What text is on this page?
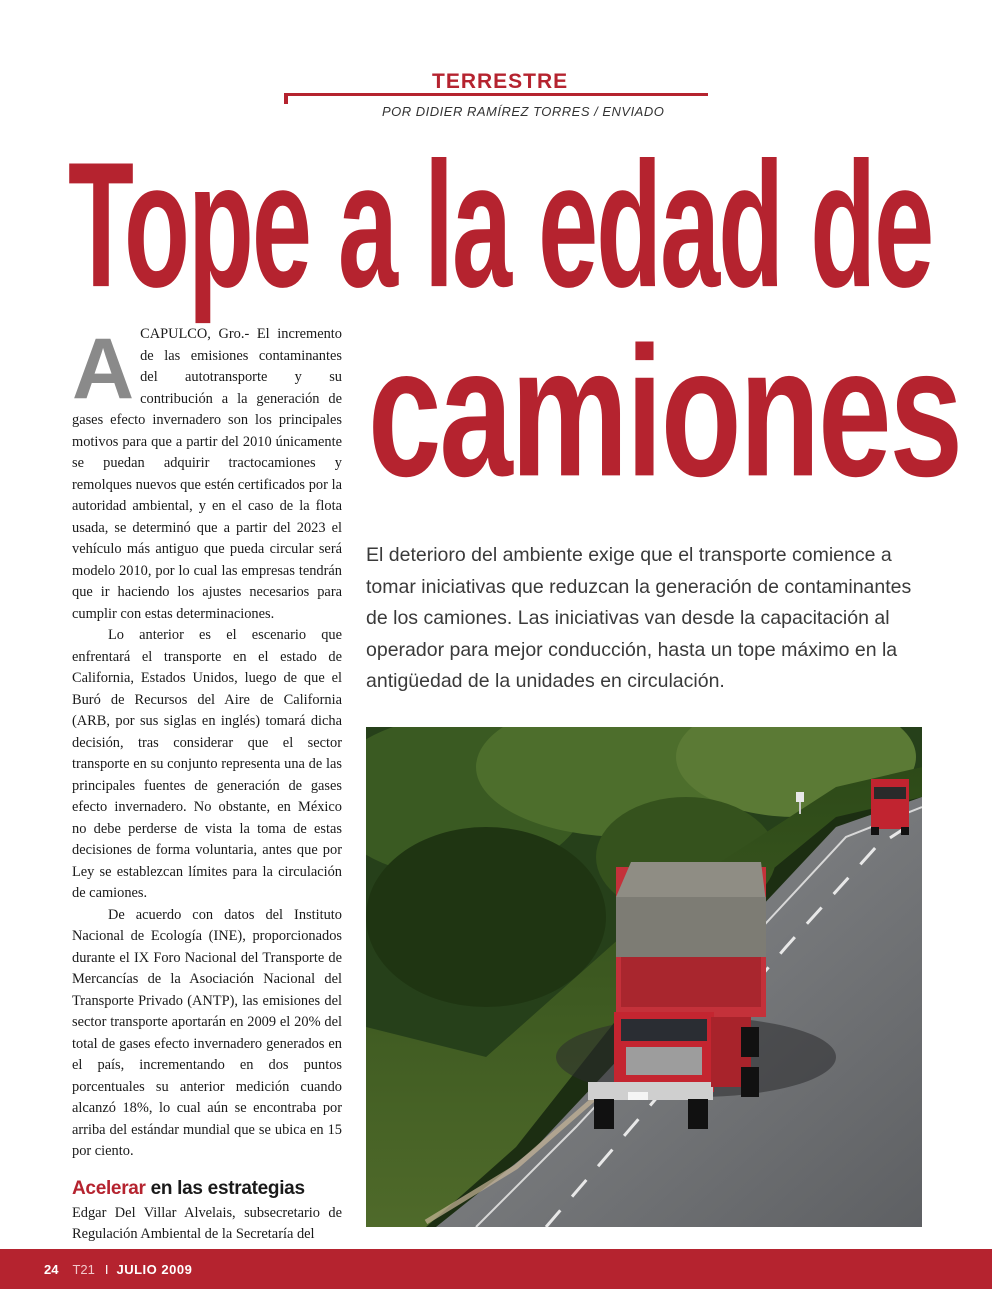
TERRESTRE
POR DIDIER RAMÍREZ TORRES / ENVIADO
Tope a la edad de
camiones

ACAPULCO, Gro.- El incremento de las emisiones contaminantes del autotransporte y su contribución a la generación de gases efecto invernadero son los principales motivos para que a partir del 2010 únicamente se puedan adquirir tractocamiones y remolques nuevos que estén certificados por la autoridad ambiental, y en el caso de la flota usada, se determinó que a partir del 2023 el vehículo más antiguo que pueda circular será modelo 2010, por lo cual las empresas tendrán que ir haciendo los ajustes necesarios para cumplir con estas determinaciones.

Lo anterior es el escenario que enfrentará el transporte en el estado de California, Estados Unidos, luego de que el Buró de Recursos del Aire de California (ARB, por sus siglas en inglés) tomará dicha decisión, tras considerar que el sector transporte en su conjunto representa una de las principales fuentes de generación de gases efecto invernadero. No obstante, en México no debe perderse de vista la toma de estas decisiones de forma voluntaria, antes que por Ley se establezcan límites para la circulación de camiones.

De acuerdo con datos del Instituto Nacional de Ecología (INE), proporcionados durante el IX Foro Nacional del Transporte de Mercancías de la Asociación Nacional del Transporte Privado (ANTP), las emisiones del sector transporte aportarán en 2009 el 20% del total de gases efecto invernadero generados en el país, incrementando en dos puntos porcentuales su anterior medición cuando alcanzó 18%, lo cual aún se encontraba por arriba del estándar mundial que se ubica en 15 por ciento.

Acelerar en las estrategias

Edgar Del Villar Alvelais, subsecretario de Regulación Ambiental de la Secretaría del

El deterioro del ambiente exige que el transporte comience a tomar iniciativas que reduzcan la generación de contaminantes de los camiones. Las iniciativas van desde la capacitación al operador para mejor conducción, hasta un tope máximo en la antigüedad de la unidades en circulación.
24 T21 I JULIO 2009
